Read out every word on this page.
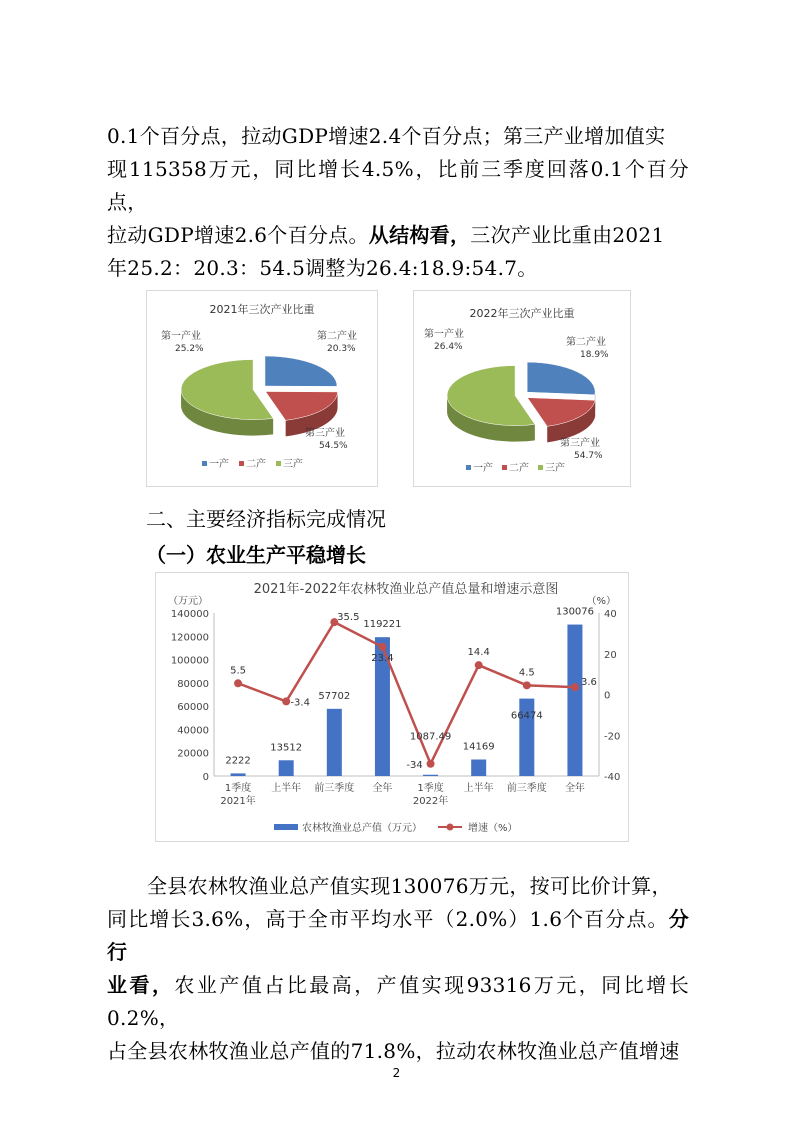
0.1个百分点，拉动GDP增速2.4个百分点；第三产业增加值实
现115358万元，同比增长4.5%，比前三季度回落0.1个百分点，
拉动GDP增速2.6个百分点。从结构看，三次产业比重由2021
年25.2：20.3：54.5调整为26.4:18.9:54.7。
2021年三次产业比重
第一产业
25.2%
第二产业
20.3%
第三产业
54.5%
一产 二产 三产
2022年三次产业比重
第一产业
26.4%	第二产业
18.9%
第三产业
54.7%
一产 二产 三产
二、主要经济指标完成情况
（一）农业生产平稳增长
2021年-2022年农林牧渔业总产值总量和增速示意图
（万元）	（%）
0
20000
40000
60000
80000
100000
120000
140000
-40
-20
0
20
40
1季度 上半年 前三季度 全年 1季度 上半年 前三季度 全年
2021年	2022年
2222
13512
57702
119221
1087.49
14169
66474
130076
5.5
-3.4
35.5
23.4
-34
14.4
4.5
3.6
农林牧渔业总产值（万元）	增速（%）
全县农林牧渔业总产值实现130076万元，按可比价计算，
同比增长3.6%，高于全市平均水平（2.0%）1.6个百分点。分行
业看，农业产值占比最高，产值实现93316万元，同比增长0.2%，
占全县农林牧渔业总产值的71.8%，拉动农林牧渔业总产值增速
2
